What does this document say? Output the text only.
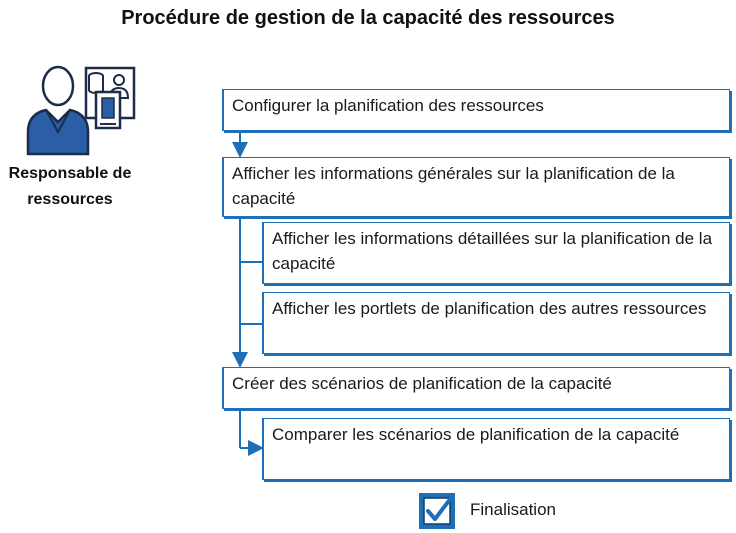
Procédure de gestion de la capacité des ressources
Responsable de
ressources
Configurer la planification des ressources
Afficher les informations générales sur la planification de la capacité
Afficher les informations détaillées sur la planification de la capacité
Afficher les portlets de planification des autres ressources
Créer des scénarios de planification de la capacité
Comparer les scénarios de planification de la capacité
Finalisation
